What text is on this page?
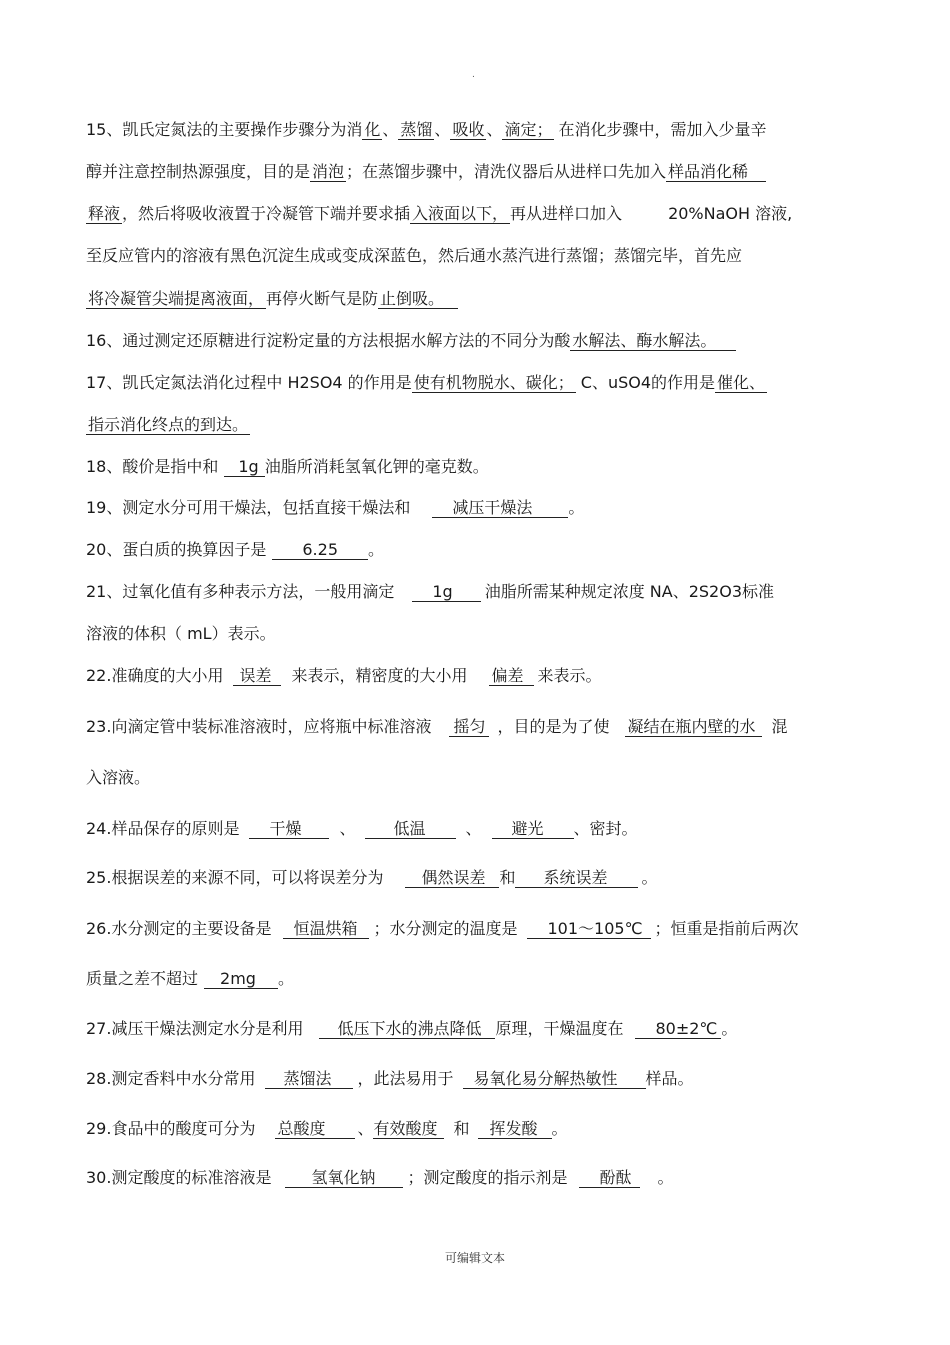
.
15、凯氏定氮法的主要操作步骤分为消 化 、 蒸馏 、 吸收 、 滴定； 在消化步骤中，需加入少量辛
醇并注意控制热源强度，目的是 消泡 ；在蒸馏步骤中，清洗仪器后从进样口先加入 样品消化稀
释液 ，然后将吸收液置于冷凝管下端并要求插 入液面以下， 再从进样口加入	20%NaOH 溶液,
至反应管内的溶液有黑色沉淀生成或变成深蓝色，然后通水蒸汽进行蒸馏；蒸馏完毕，首先应
将冷凝管尖端提离液面， 再停火断气是防 止倒吸。
16、通过测定还原糖进行淀粉定量的方法根据水解方法的不同分为酸 水解法、酶水解法。
17、凯氏定氮法消化过程中 H2SO4 的作用是 使有机物脱水、碳化； C、uSO4的作用是 催化、
指示消化终点的到达。
18、酸价是指中和 1g 油脂所消耗氢氧化钾的毫克数。
19、测定水分可用干燥法，包括直接干燥法和	减压干燥法 。
20、蛋白质的换算因子是 6.25 。
21、过氧化值有多种表示方法，一般用滴定 1g 油脂所需某种规定浓度 NA、2S2O3标准
溶液的体积（ mL）表示。
22.准确度的大小用 误差 来表示，精密度的大小用 偏差 来表示。
23.向滴定管中装标准溶液时，应将瓶中标准溶液 摇匀 ，目的是为了使 凝结在瓶内壁的水 混
入溶液。
24.样品保存的原则是 干燥 、 低温	、 避光 、密封。
25.根据误差的来源不同，可以将误差分为 偶然误差 和 系统误差 。
26.水分测定的主要设备是 恒温烘箱 ；水分测定的温度是 101～105℃ ；恒重是指前后两次
质量之差不超过 2mg 。
27.减压干燥法测定水分是利用 低压下水的沸点降低 原理，干燥温度在 80±2℃ 。
28.测定香料中水分常用 蒸馏法 ，此法易用于 易氧化易分解热敏性 样品。
29.食品中的酸度可分为 总酸度 、有效酸度 和 挥发酸 。
30.测定酸度的标准溶液是	氢氧化钠 ；测定酸度的指示剂是 酚酞 。
可编辑文本
